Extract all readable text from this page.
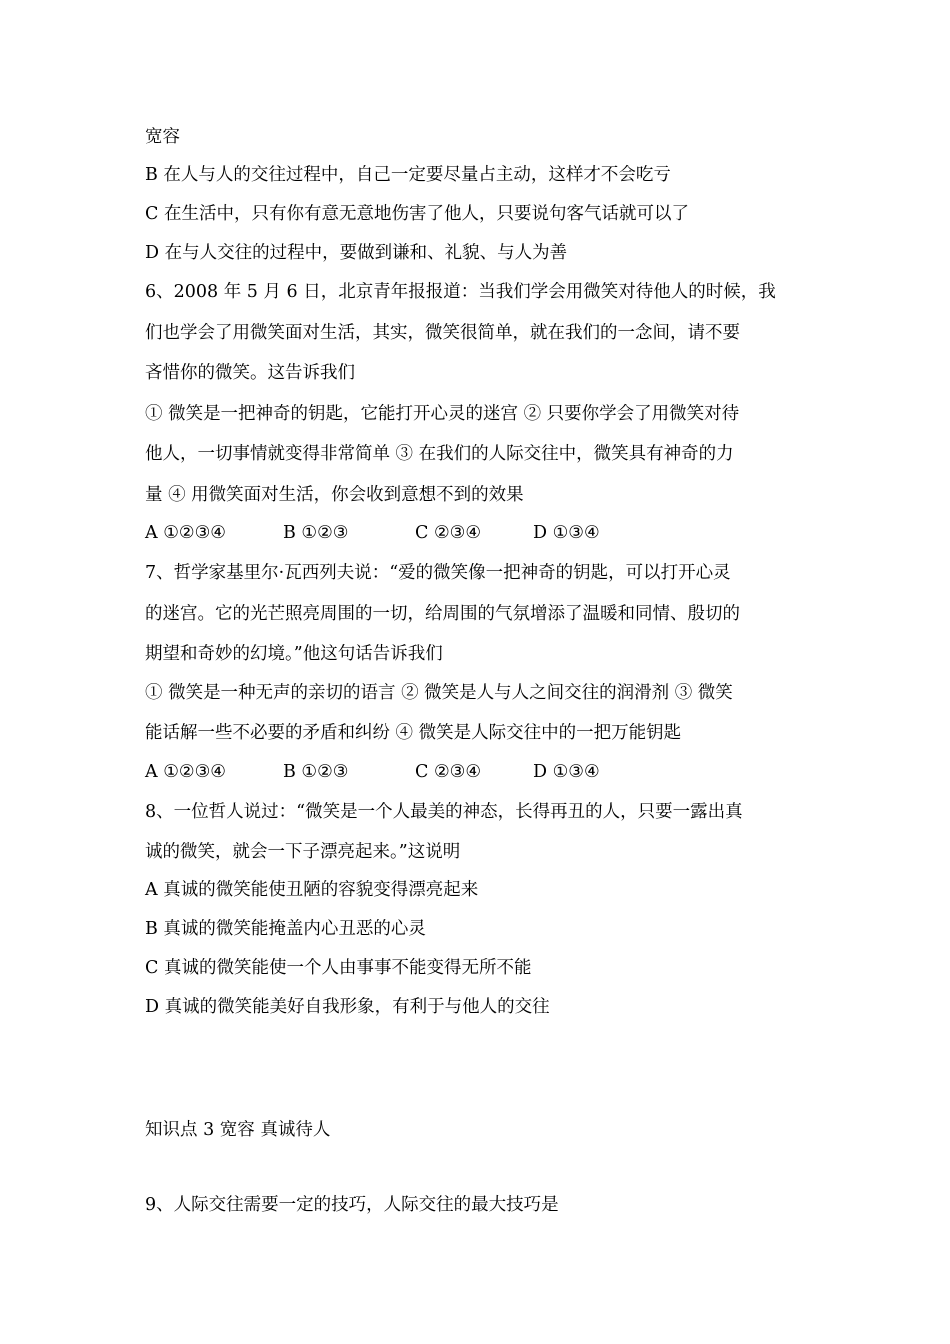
宽容
B 在人与人的交往过程中，自己一定要尽量占主动，这样才不会吃亏
C 在生活中，只有你有意无意地伤害了他人，只要说句客气话就可以了
D 在与人交往的过程中，要做到谦和、礼貌、与人为善
6、2008 年 5 月 6 日，北京青年报报道：当我们学会用微笑对待他人的时候，我
们也学会了用微笑面对生活，其实，微笑很简单，就在我们的一念间，请不要
吝惜你的微笑。这告诉我们
① 微笑是一把神奇的钥匙，它能打开心灵的迷宫 ② 只要你学会了用微笑对待
他人，一切事情就变得非常简单 ③ 在我们的人际交往中，微笑具有神奇的力
量 ④ 用微笑面对生活，你会收到意想不到的效果
A ①②③④	B ①②③	C ②③④	D ①③④
7、哲学家基里尔·瓦西列夫说：“爱的微笑像一把神奇的钥匙，可以打开心灵
的迷宫。它的光芒照亮周围的一切，给周围的气氛增添了温暖和同情、殷切的
期望和奇妙的幻境。”他这句话告诉我们
① 微笑是一种无声的亲切的语言 ② 微笑是人与人之间交往的润滑剂 ③ 微笑
能话解一些不必要的矛盾和纠纷 ④ 微笑是人际交往中的一把万能钥匙
A ①②③④	B ①②③	C ②③④	D ①③④
8、一位哲人说过：“微笑是一个人最美的神态，长得再丑的人，只要一露出真
诚的微笑，就会一下子漂亮起来。”这说明
A 真诚的微笑能使丑陋的容貌变得漂亮起来
B 真诚的微笑能掩盖内心丑恶的心灵
C 真诚的微笑能使一个人由事事不能变得无所不能
D 真诚的微笑能美好自我形象，有利于与他人的交往
知识点 3 宽容 真诚待人
9、人际交往需要一定的技巧，人际交往的最大技巧是
